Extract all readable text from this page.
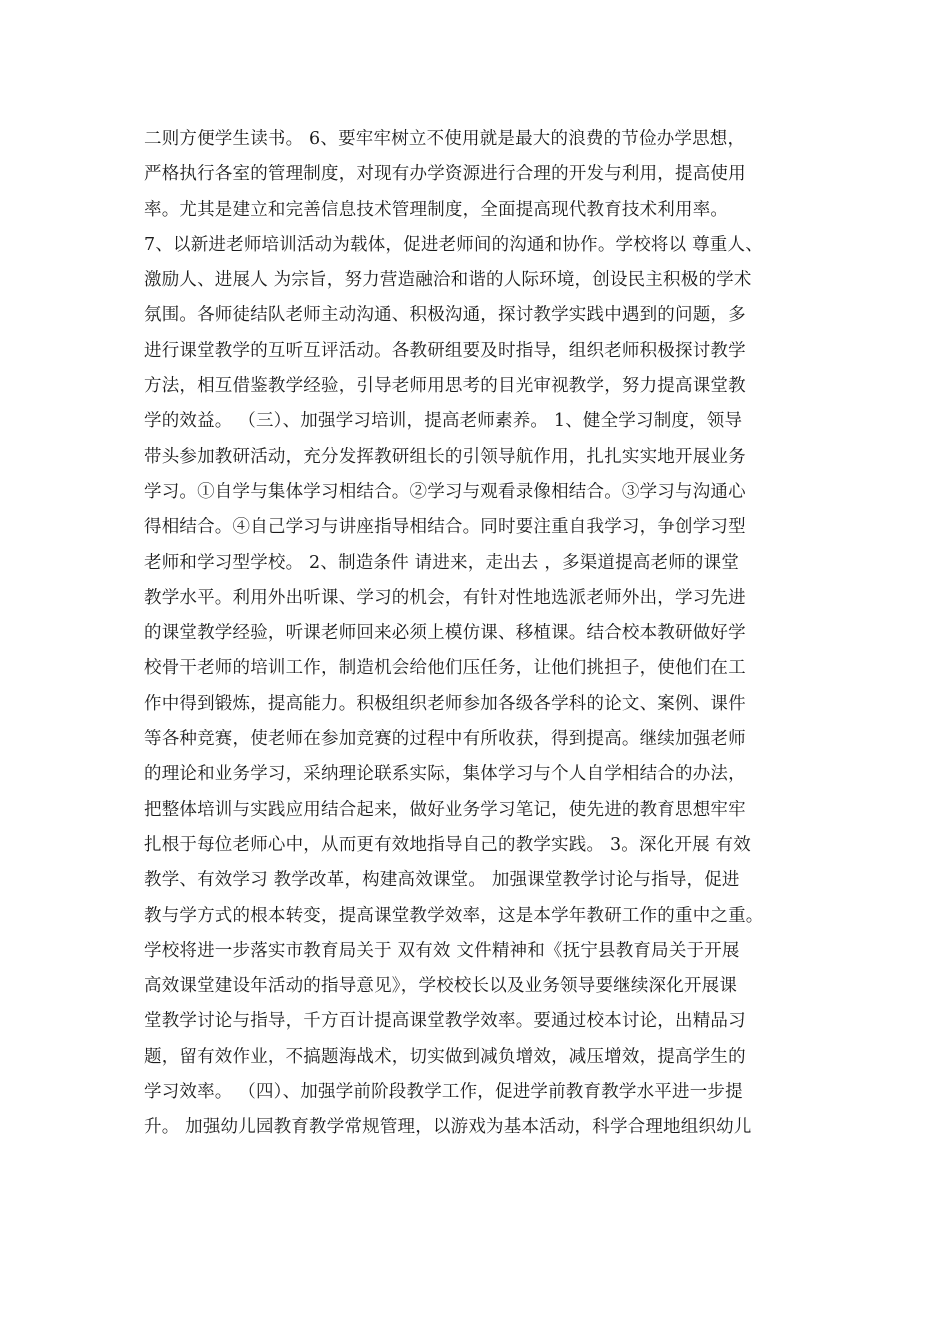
二则方便学生读书。 6、要牢牢树立不使用就是最大的浪费的节俭办学思想，
严格执行各室的管理制度，对现有办学资源进行合理的开发与利用，提高使用
率。尤其是建立和完善信息技术管理制度，全面提高现代教育技术利用率。
7、以新进老师培训活动为载体，促进老师间的沟通和协作。学校将以 尊重人、
激励人、进展人 为宗旨，努力营造融洽和谐的人际环境，创设民主积极的学术
氛围。各师徒结队老师主动沟通、积极沟通，探讨教学实践中遇到的问题，多
进行课堂教学的互听互评活动。各教研组要及时指导，组织老师积极探讨教学
方法，相互借鉴教学经验，引导老师用思考的目光审视教学，努力提高课堂教
学的效益。 （三）、加强学习培训，提高老师素养。 1、健全学习制度，领导
带头参加教研活动，充分发挥教研组长的引领导航作用，扎扎实实地开展业务
学习。①自学与集体学习相结合。②学习与观看录像相结合。③学习与沟通心
得相结合。④自己学习与讲座指导相结合。同时要注重自我学习，争创学习型
老师和学习型学校。 2、制造条件 请进来，走出去 ，多渠道提高老师的课堂
教学水平。利用外出听课、学习的机会，有针对性地选派老师外出，学习先进
的课堂教学经验，听课老师回来必须上模仿课、移植课。结合校本教研做好学
校骨干老师的培训工作，制造机会给他们压任务，让他们挑担子，使他们在工
作中得到锻炼，提高能力。积极组织老师参加各级各学科的论文、案例、课件
等各种竞赛，使老师在参加竞赛的过程中有所收获，得到提高。继续加强老师
的理论和业务学习，采纳理论联系实际，集体学习与个人自学相结合的办法，
把整体培训与实践应用结合起来，做好业务学习笔记，使先进的教育思想牢牢
扎根于每位老师心中，从而更有效地指导自己的教学实践。 3。深化开展 有效
教学、有效学习 教学改革，构建高效课堂。 加强课堂教学讨论与指导，促进
教与学方式的根本转变，提高课堂教学效率，这是本学年教研工作的重中之重。
学校将进一步落实市教育局关于 双有效 文件精神和《抚宁县教育局关于开展
高效课堂建设年活动的指导意见》，学校校长以及业务领导要继续深化开展课
堂教学讨论与指导，千方百计提高课堂教学效率。要通过校本讨论，出精品习
题，留有效作业，不搞题海战术，切实做到减负增效，减压增效，提高学生的
学习效率。 （四）、加强学前阶段教学工作，促进学前教育教学水平进一步提
升。 加强幼儿园教育教学常规管理，以游戏为基本活动，科学合理地组织幼儿
